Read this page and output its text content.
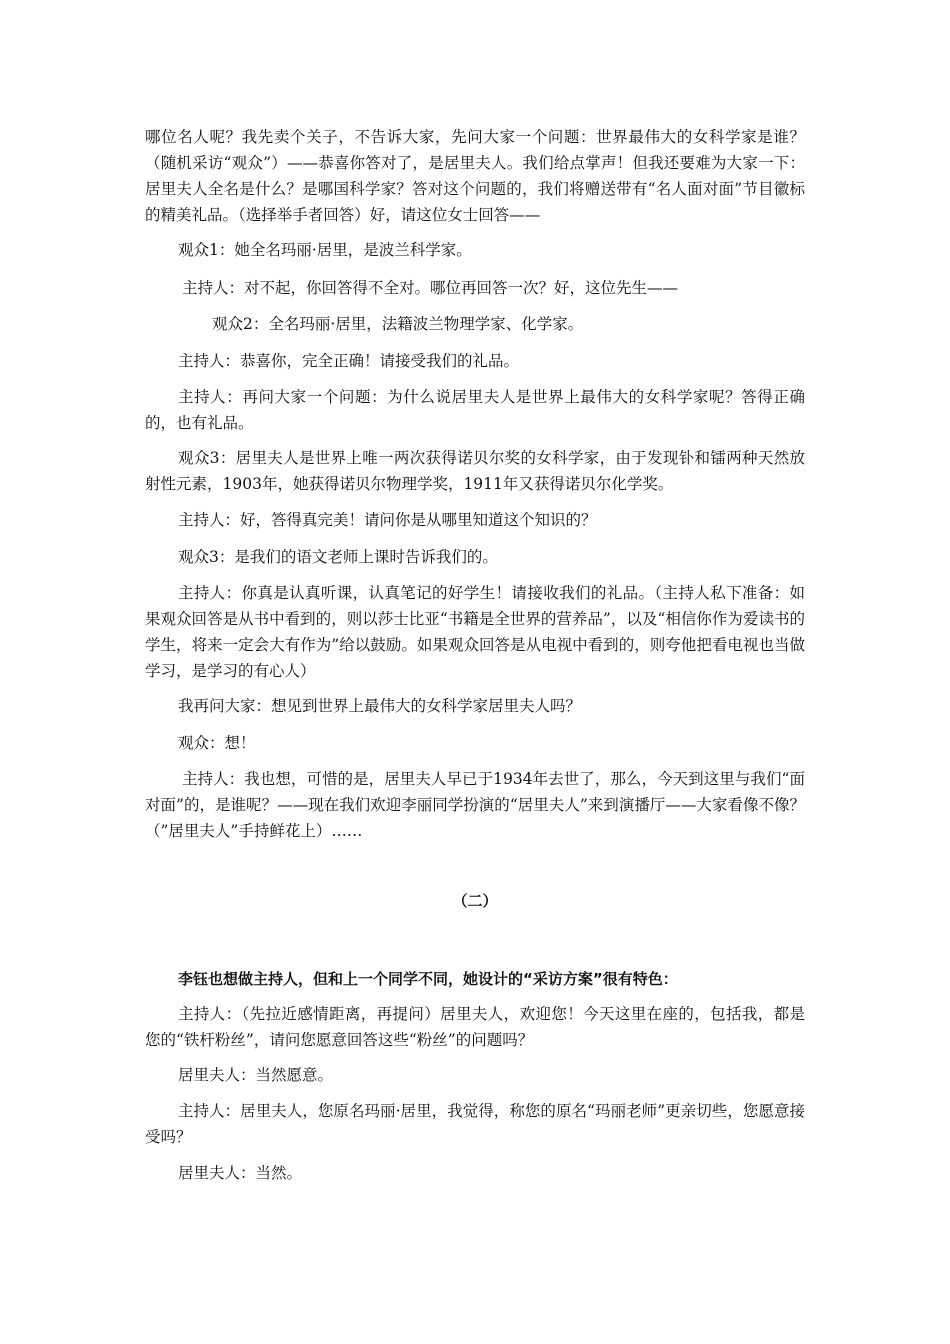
哪位名人呢？我先卖个关子，不告诉大家，先问大家一个问题：世界最伟大的女科学家是谁？（随机采访“观众”）——恭喜你答对了，是居里夫人。我们给点掌声！但我还要难为大家一下：居里夫人全名是什么？是哪国科学家？答对这个问题的，我们将赠送带有“名人面对面”节目徽标的精美礼品。（选择举手者回答）好，请这位女士回答——

观众1：她全名玛丽·居里，是波兰科学家。

主持人：对不起，你回答得不全对。哪位再回答一次？好，这位先生——

观众2：全名玛丽·居里，法籍波兰物理学家、化学家。

主持人：恭喜你，完全正确！请接受我们的礼品。

主持人：再问大家一个问题：为什么说居里夫人是世界上最伟大的女科学家呢？答得正确的，也有礼品。

观众3：居里夫人是世界上唯一两次获得诺贝尔奖的女科学家，由于发现钋和镭两种天然放射性元素，1903年，她获得诺贝尔物理学奖，1911年又获得诺贝尔化学奖。

主持人：好，答得真完美！请问你是从哪里知道这个知识的？

观众3：是我们的语文老师上课时告诉我们的。

主持人：你真是认真听课，认真笔记的好学生！请接收我们的礼品。（主持人私下准备：如果观众回答是从书中看到的，则以莎士比亚“书籍是全世界的营养品”，以及“相信你作为爱读书的学生，将来一定会大有作为”给以鼓励。如果观众回答是从电视中看到的，则夸他把看电视也当做学习，是学习的有心人）

我再问大家：想见到世界上最伟大的女科学家居里夫人吗？

观众：想！

主持人：我也想，可惜的是，居里夫人早已于1934年去世了，那么，今天到这里与我们“面对面”的，是谁呢？——现在我们欢迎李丽同学扮演的“居里夫人”来到演播厅——大家看像不像？（”居里夫人”手持鲜花上）……

（二）

李钰也想做主持人，但和上一个同学不同，她设计的“采访方案”很有特色：

主持人：（先拉近感情距离，再提问）居里夫人，欢迎您！今天这里在座的，包括我，都是您的“铁杆粉丝”，请问您愿意回答这些“粉丝”的问题吗？

居里夫人：当然愿意。

主持人：居里夫人，您原名玛丽·居里，我觉得，称您的原名“玛丽老师”更亲切些，您愿意接受吗？

居里夫人：当然。
